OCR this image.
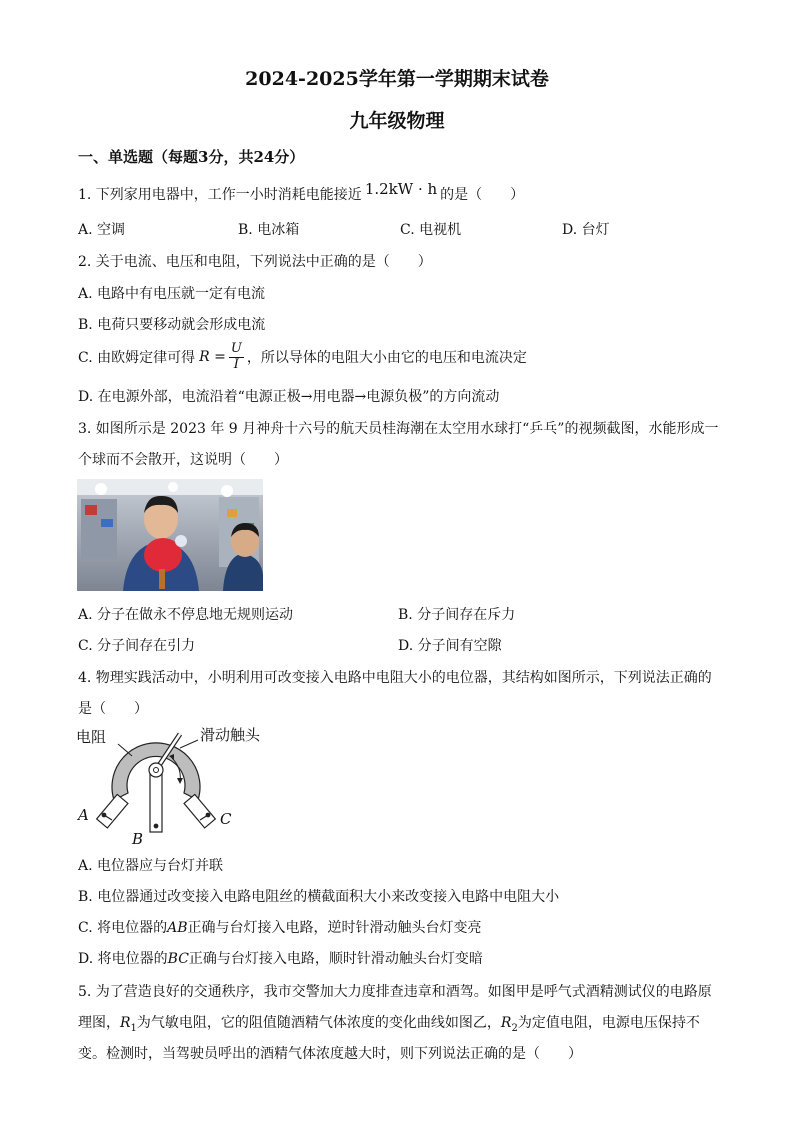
2024-2025学年第一学期期末试卷
九年级物理
一、单选题（每题3分，共24分）
1. 下列家用电器中，工作一小时消耗电能接近 1.2kW · h 的是（　　）
A. 空调	B. 电冰箱	C. 电视机	D. 台灯
2. 关于电流、电压和电阻，下列说法中正确的是（　　）
A. 电路中有电压就一定有电流
B. 电荷只要移动就会形成电流
C. 由欧姆定律可得 $R = \frac{U}{I}$ ，所以导体的电阻大小由它的电压和电流决定
D. 在电源外部，电流沿着“电源正极→用电器→电源负极”的方向流动
3. 如图所示是 2023 年 9 月神舟十六号的航天员桂海潮在太空用水球打“乒乓”的视频截图，水能形成一
个球而不会散开，这说明（　　）
A. 分子在做永不停息地无规则运动	B. 分子间存在斥力
C. 分子间存在引力	D. 分子间有空隙
4. 物理实践活动中，小明利用可改变接入电路中电阻大小的电位器，其结构如图所示，下列说法正确的
是（　　）
电阻	滑动触头
A
B
C
A. 电位器应与台灯并联
B. 电位器通过改变接入电路电阻丝的横截面积大小来改变接入电路中电阻大小
C. 将电位器的AB正确与台灯接入电路，逆时针滑动触头台灯变亮
D. 将电位器的BC正确与台灯接入电路，顺时针滑动触头台灯变暗
5. 为了营造良好的交通秩序，我市交警加大力度排查违章和酒驾。如图甲是呼气式酒精测试仪的电路原
理图，$R_1$为气敏电阻，它的阻值随酒精气体浓度的变化曲线如图乙，$R_2$为定值电阻，电源电压保持不
变。检测时，当驾驶员呼出的酒精气体浓度越大时，则下列说法正确的是（　　）
